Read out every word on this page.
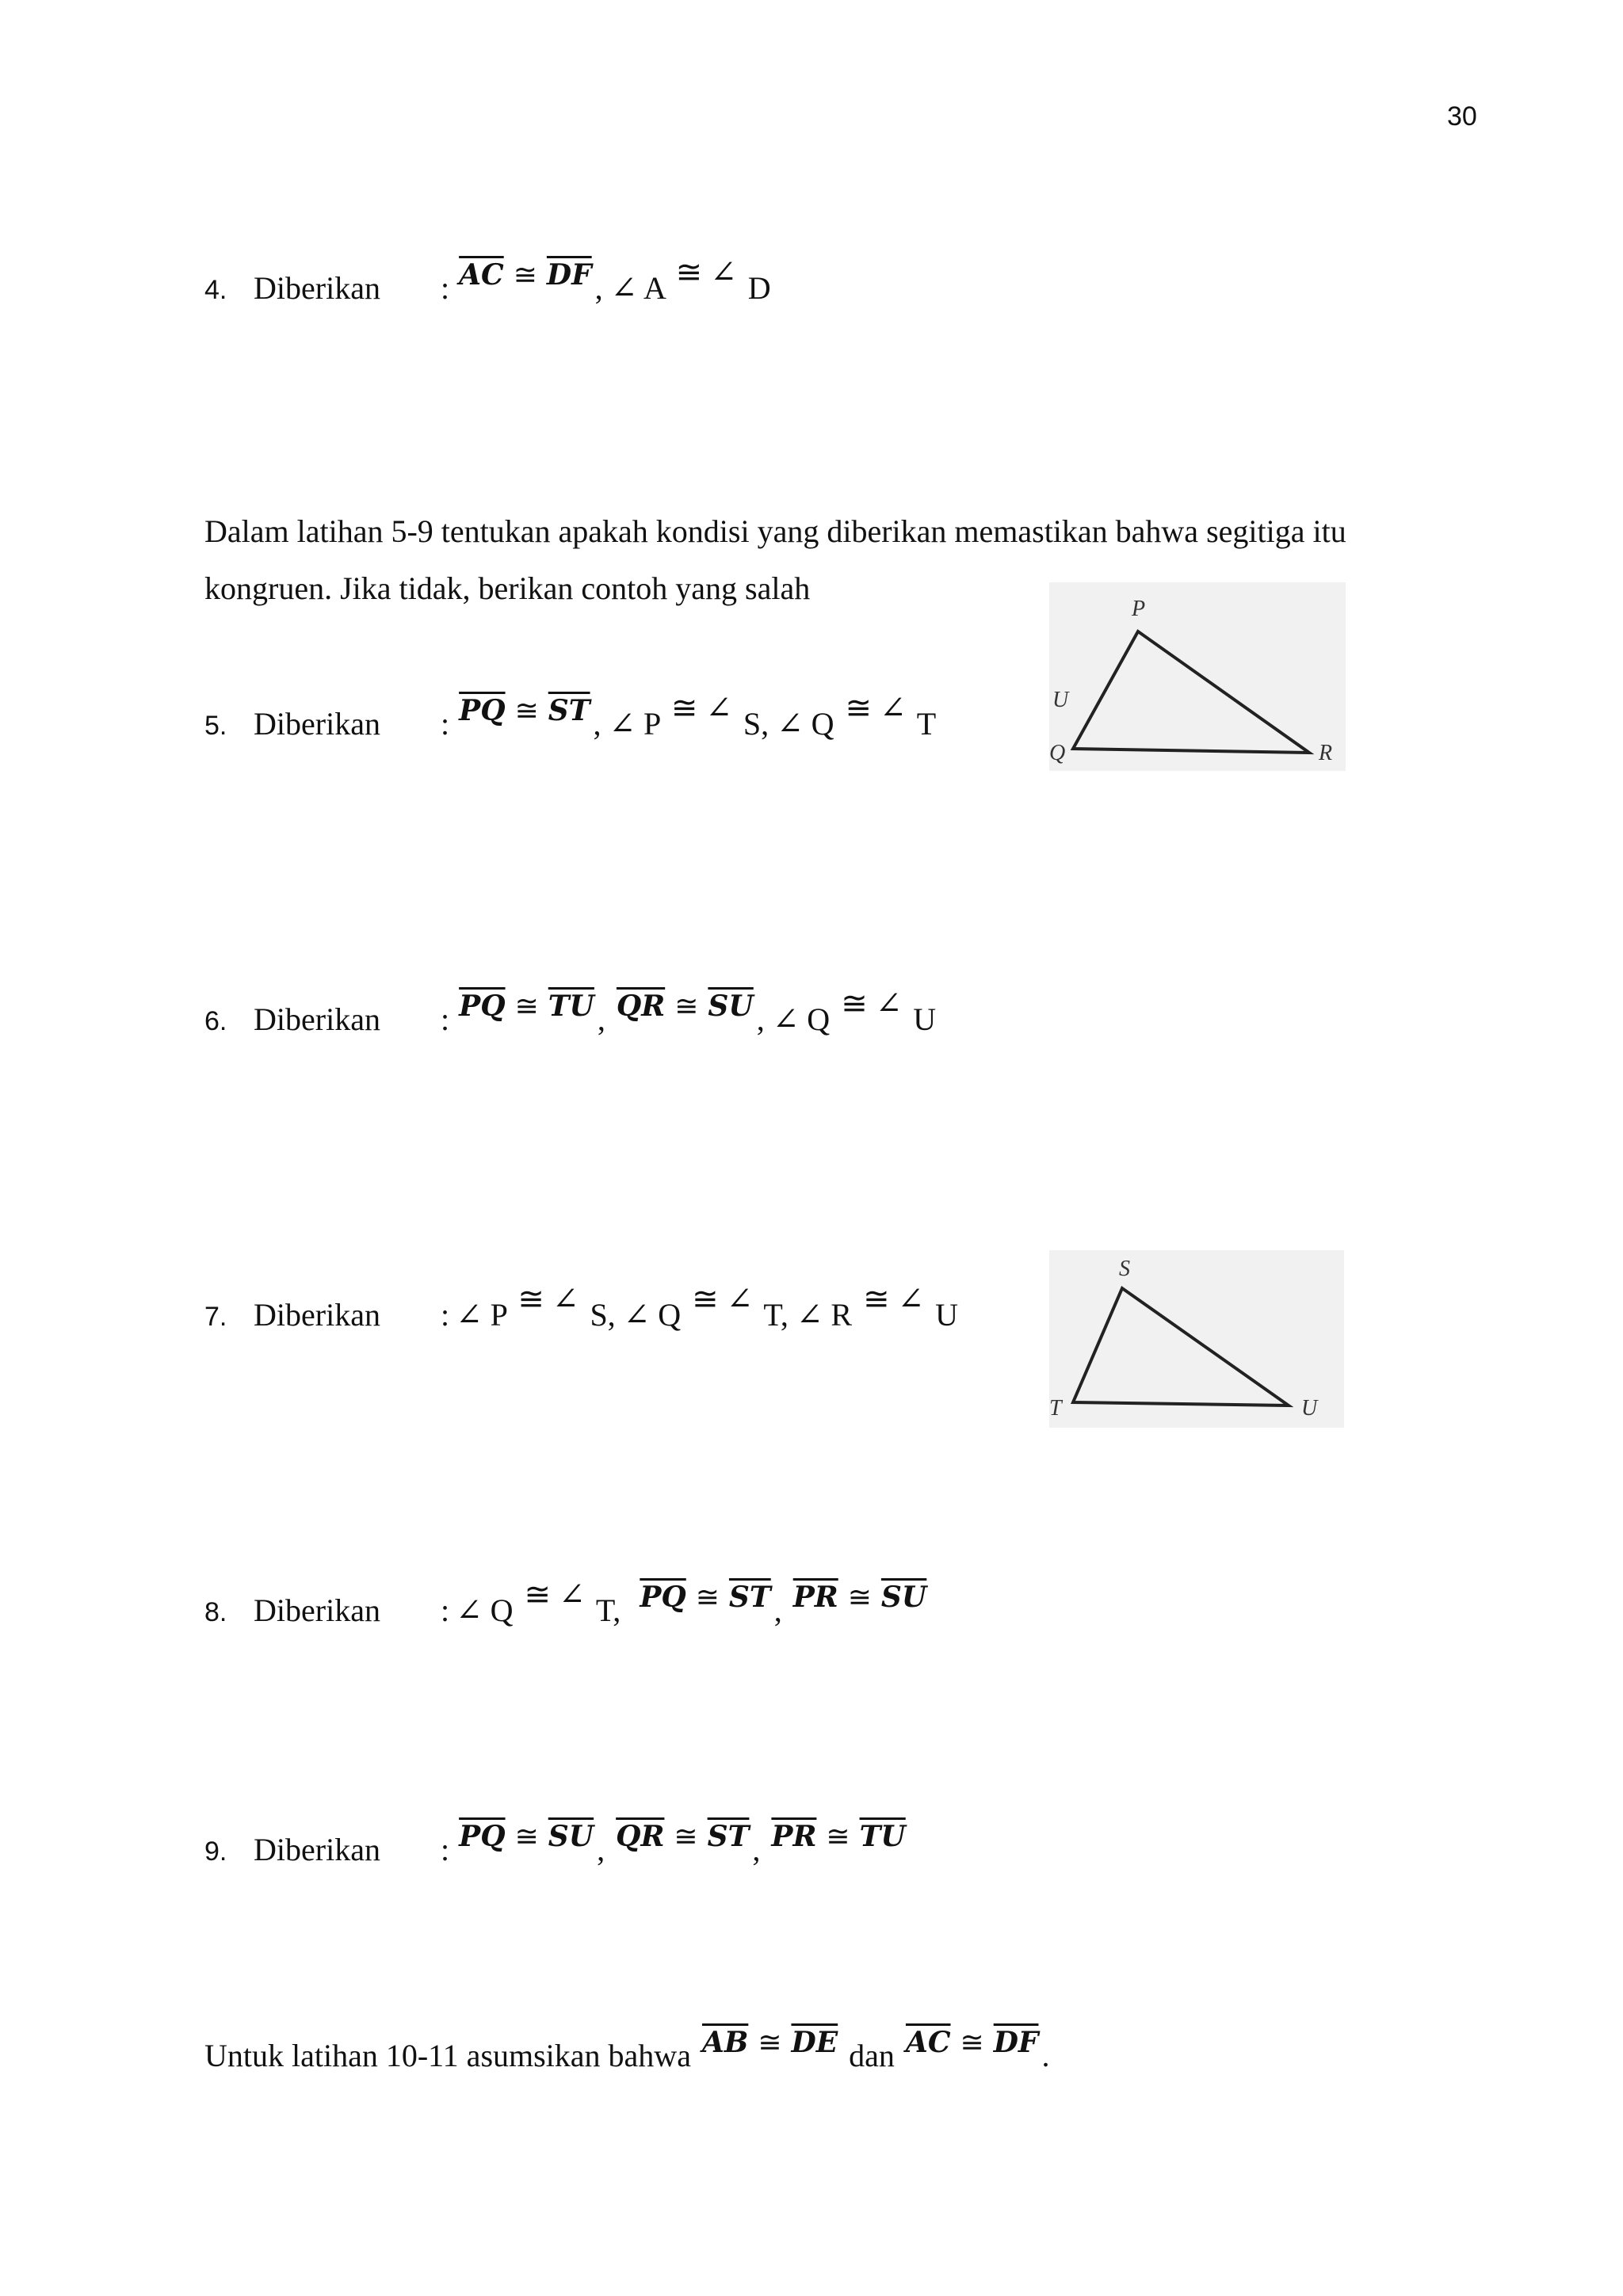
30
4. Diberikan : $\overline{AC}$ ≅ $\overline{DF}$ , ∠ A ≅ ∠ D
Dalam latihan 5-9 tentukan apakah kondisi yang diberikan memastikan bahwa segitiga itu
kongruen. Jika tidak, berikan contoh yang salah
5. Diberikan : $\overline{PQ}$ ≅ $\overline{ST}$ , ∠ P ≅ ∠ S, ∠ Q ≅ ∠ T
6. Diberikan : $\overline{PQ}$ ≅ $\overline{TU}$ , $\overline{QR}$ ≅ $\overline{SU}$ , ∠ Q ≅ ∠ U
7. Diberikan : ∠ P ≅ ∠ S, ∠ Q ≅ ∠ T, ∠ R ≅ ∠ U
8. Diberikan : ∠ Q ≅ ∠ T,  $\overline{PQ}$ ≅ $\overline{ST}$ , $\overline{PR}$ ≅ $\overline{SU}$
9. Diberikan : $\overline{PQ}$ ≅ $\overline{SU}$ , $\overline{QR}$ ≅ $\overline{ST}$ , $\overline{PR}$ ≅ $\overline{TU}$
Untuk latihan 10-11 asumsikan bahwa $\overline{AB}$ ≅ $\overline{DE}$ dan $\overline{AC}$ ≅ $\overline{DF}$ .
P
U
Q	R
S
T	U
